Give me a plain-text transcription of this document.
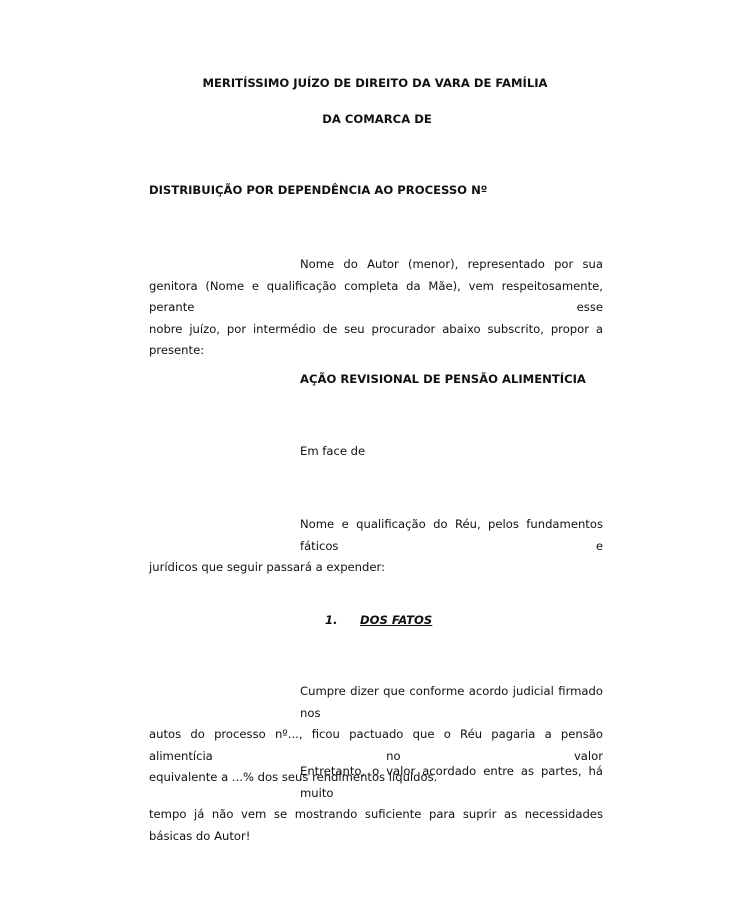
MERITÍSSIMO JUÍZO DE DIREITO DA VARA DE FAMÍLIA
DA COMARCA DE
DISTRIBUIÇÃO POR DEPENDÊNCIA AO PROCESSO Nº
Nome do Autor (menor), representado por sua
genitora (Nome e qualificação completa da Mãe), vem respeitosamente, perante esse
nobre juízo, por intermédio de seu procurador abaixo subscrito, propor a presente:
AÇÃO REVISIONAL DE PENSÃO ALIMENTÍCIA
Em face de
Nome e qualificação do Réu, pelos fundamentos fáticos e
jurídicos que seguir passará a expender:
1. DOS FATOS
Cumpre dizer que conforme acordo judicial firmado nos
autos do processo nº..., ficou pactuado que o Réu pagaria a pensão alimentícia no valor
equivalente a ...% dos seus rendimentos líquidos.
Entretanto, o valor acordado entre as partes, há muito
tempo já não vem se mostrando suficiente para suprir as necessidades básicas do Autor!
